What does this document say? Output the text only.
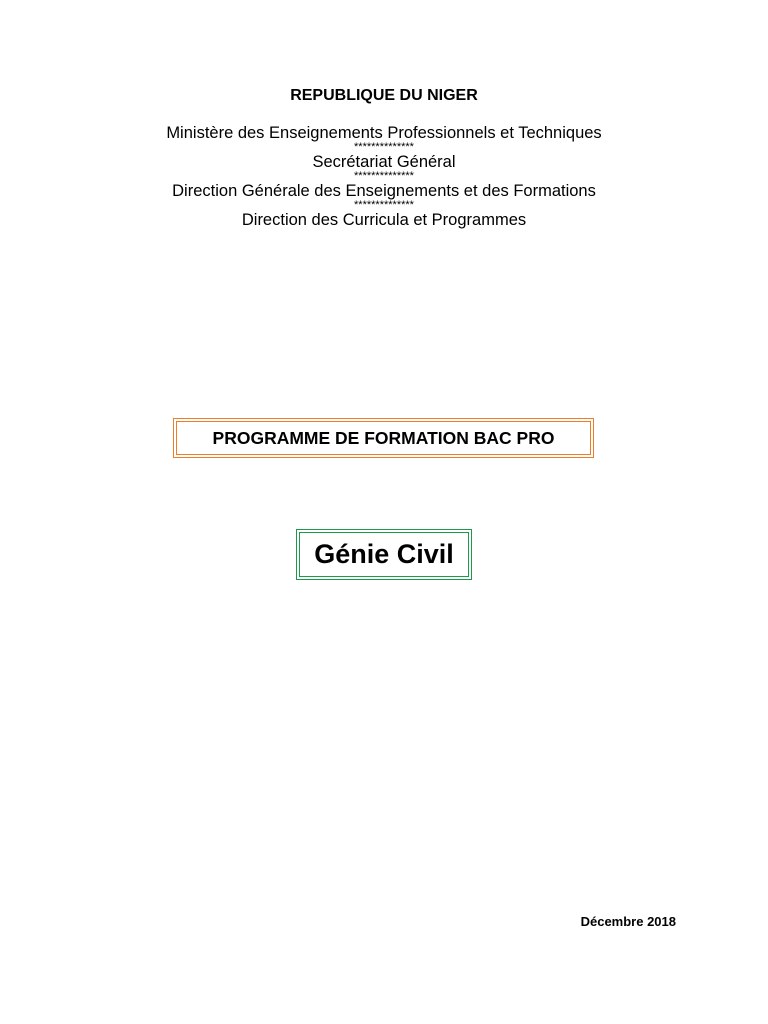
REPUBLIQUE DU NIGER

Ministère des Enseignements Professionnels et Techniques

**************

Secrétariat Général

**************

Direction Générale des Enseignements et des Formations

**************

Direction des Curricula et Programmes

PROGRAMME DE FORMATION BAC PRO

Génie Civil

Décembre 2018
